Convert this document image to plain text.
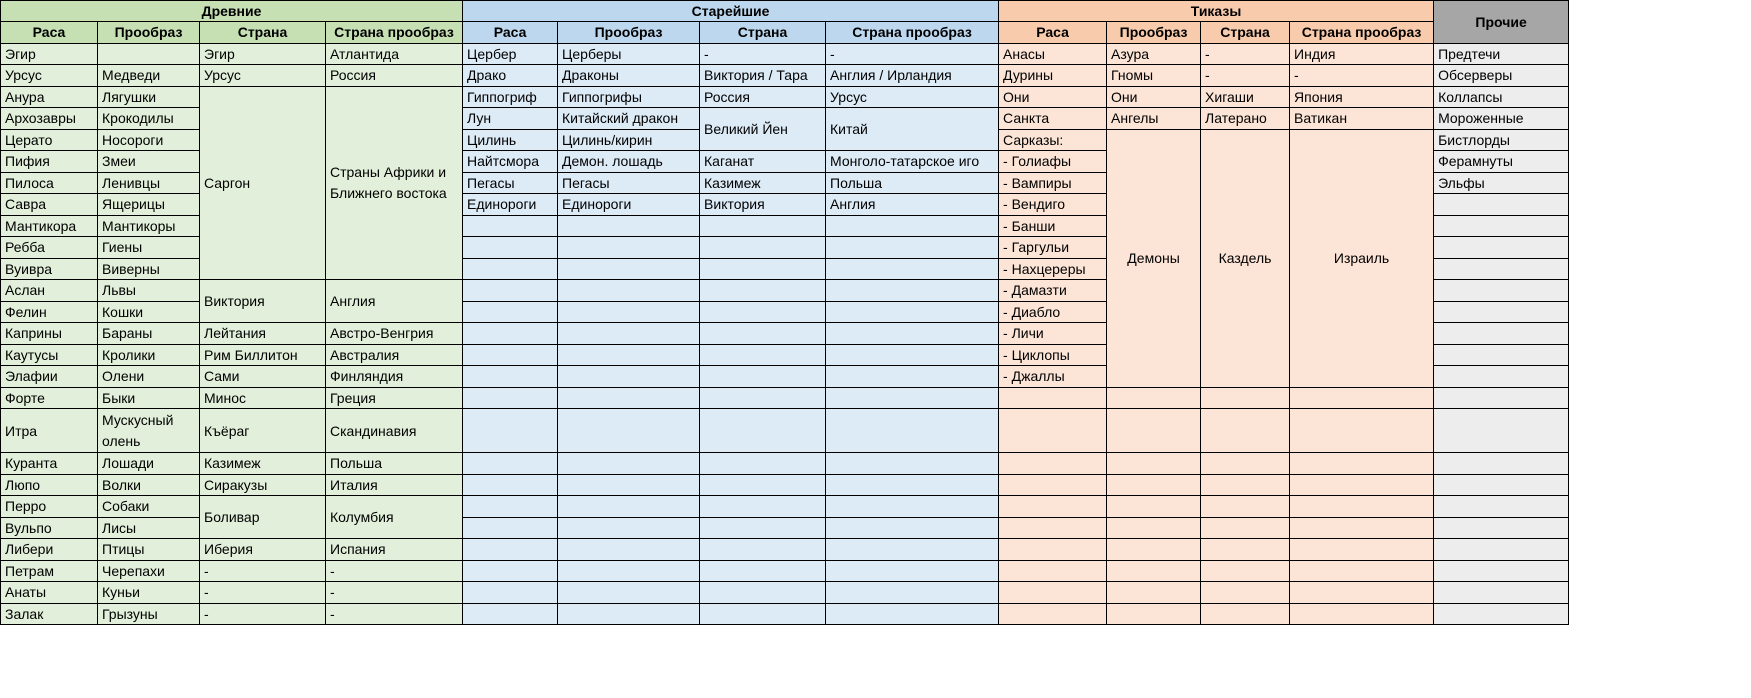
Древние				Старейшие				Тиказы				Прочие
Раса	Прообраз	Страна	Страна прообраз	Раса	Прообраз	Страна	Страна прообраз	Раса	Прообраз	Страна	Страна прообраз	
Эгир		Эгир	Атлантида	Цербер	Церберы	-	-	Анасы	Азура	-	Индия	Предтечи
Урсус	Медведи	Урсус	Россия	Драко	Драконы	Виктория / Тара	Англия / Ирландия	Дурины	Гномы	-	-	Обсерверы
Анура	Лягушки	Саргон	Страны Африки и Ближнего востока	Гиппогриф	Гиппогрифы	Россия	Урсус	Они	Они	Хигаши	Япония	Коллапсы
Архозавры	Крокодилы			Лун	Китайский дракон	Великий Йен	Китай	Санкта	Ангелы	Латерано	Ватикан	Мороженные
Церато	Носороги			Цилинь	Цилинь/кирин			Сарказы:	Демоны	Каздель	Израиль	Бистлорды
Пифия	Змеи			Найтсмора	Демон. лошадь	Каганат	Монголо-татарское иго	- Голиафы				Ферамнуты
Пилоса	Ленивцы			Пегасы	Пегасы	Казимеж	Польша	- Вампиры				Эльфы
Савра	Ящерицы			Единороги	Единороги	Виктория	Англия	- Вендиго				
Мантикора	Мантикоры							- Банши				
Ребба	Гиены							- Гаргульи				
Вуивра	Виверны							- Нахцереры				
Аслан	Львы	Виктория	Англия					- Дамазти				
Фелин	Кошки							- Диабло				
Каприны	Бараны	Лейтания	Австро-Венгрия					- Личи				
Каутусы	Кролики	Рим Биллитон	Австралия					- Циклопы				
Элафии	Олени	Сами	Финляндия					- Джаллы				
Форте	Быки	Минос	Греция									
Итра	Мускусный олень	Къёраг	Скандинавия									
Куранта	Лошади	Казимеж	Польша									
Люпо	Волки	Сиракузы	Италия									
Перро	Собаки	Боливар	Колумбия									
Вульпо	Лисы											
Либери	Птицы	Иберия	Испания									
Петрам	Черепахи	-	-									
Анаты	Куньи	-	-									
Залак	Грызуны	-	-									
